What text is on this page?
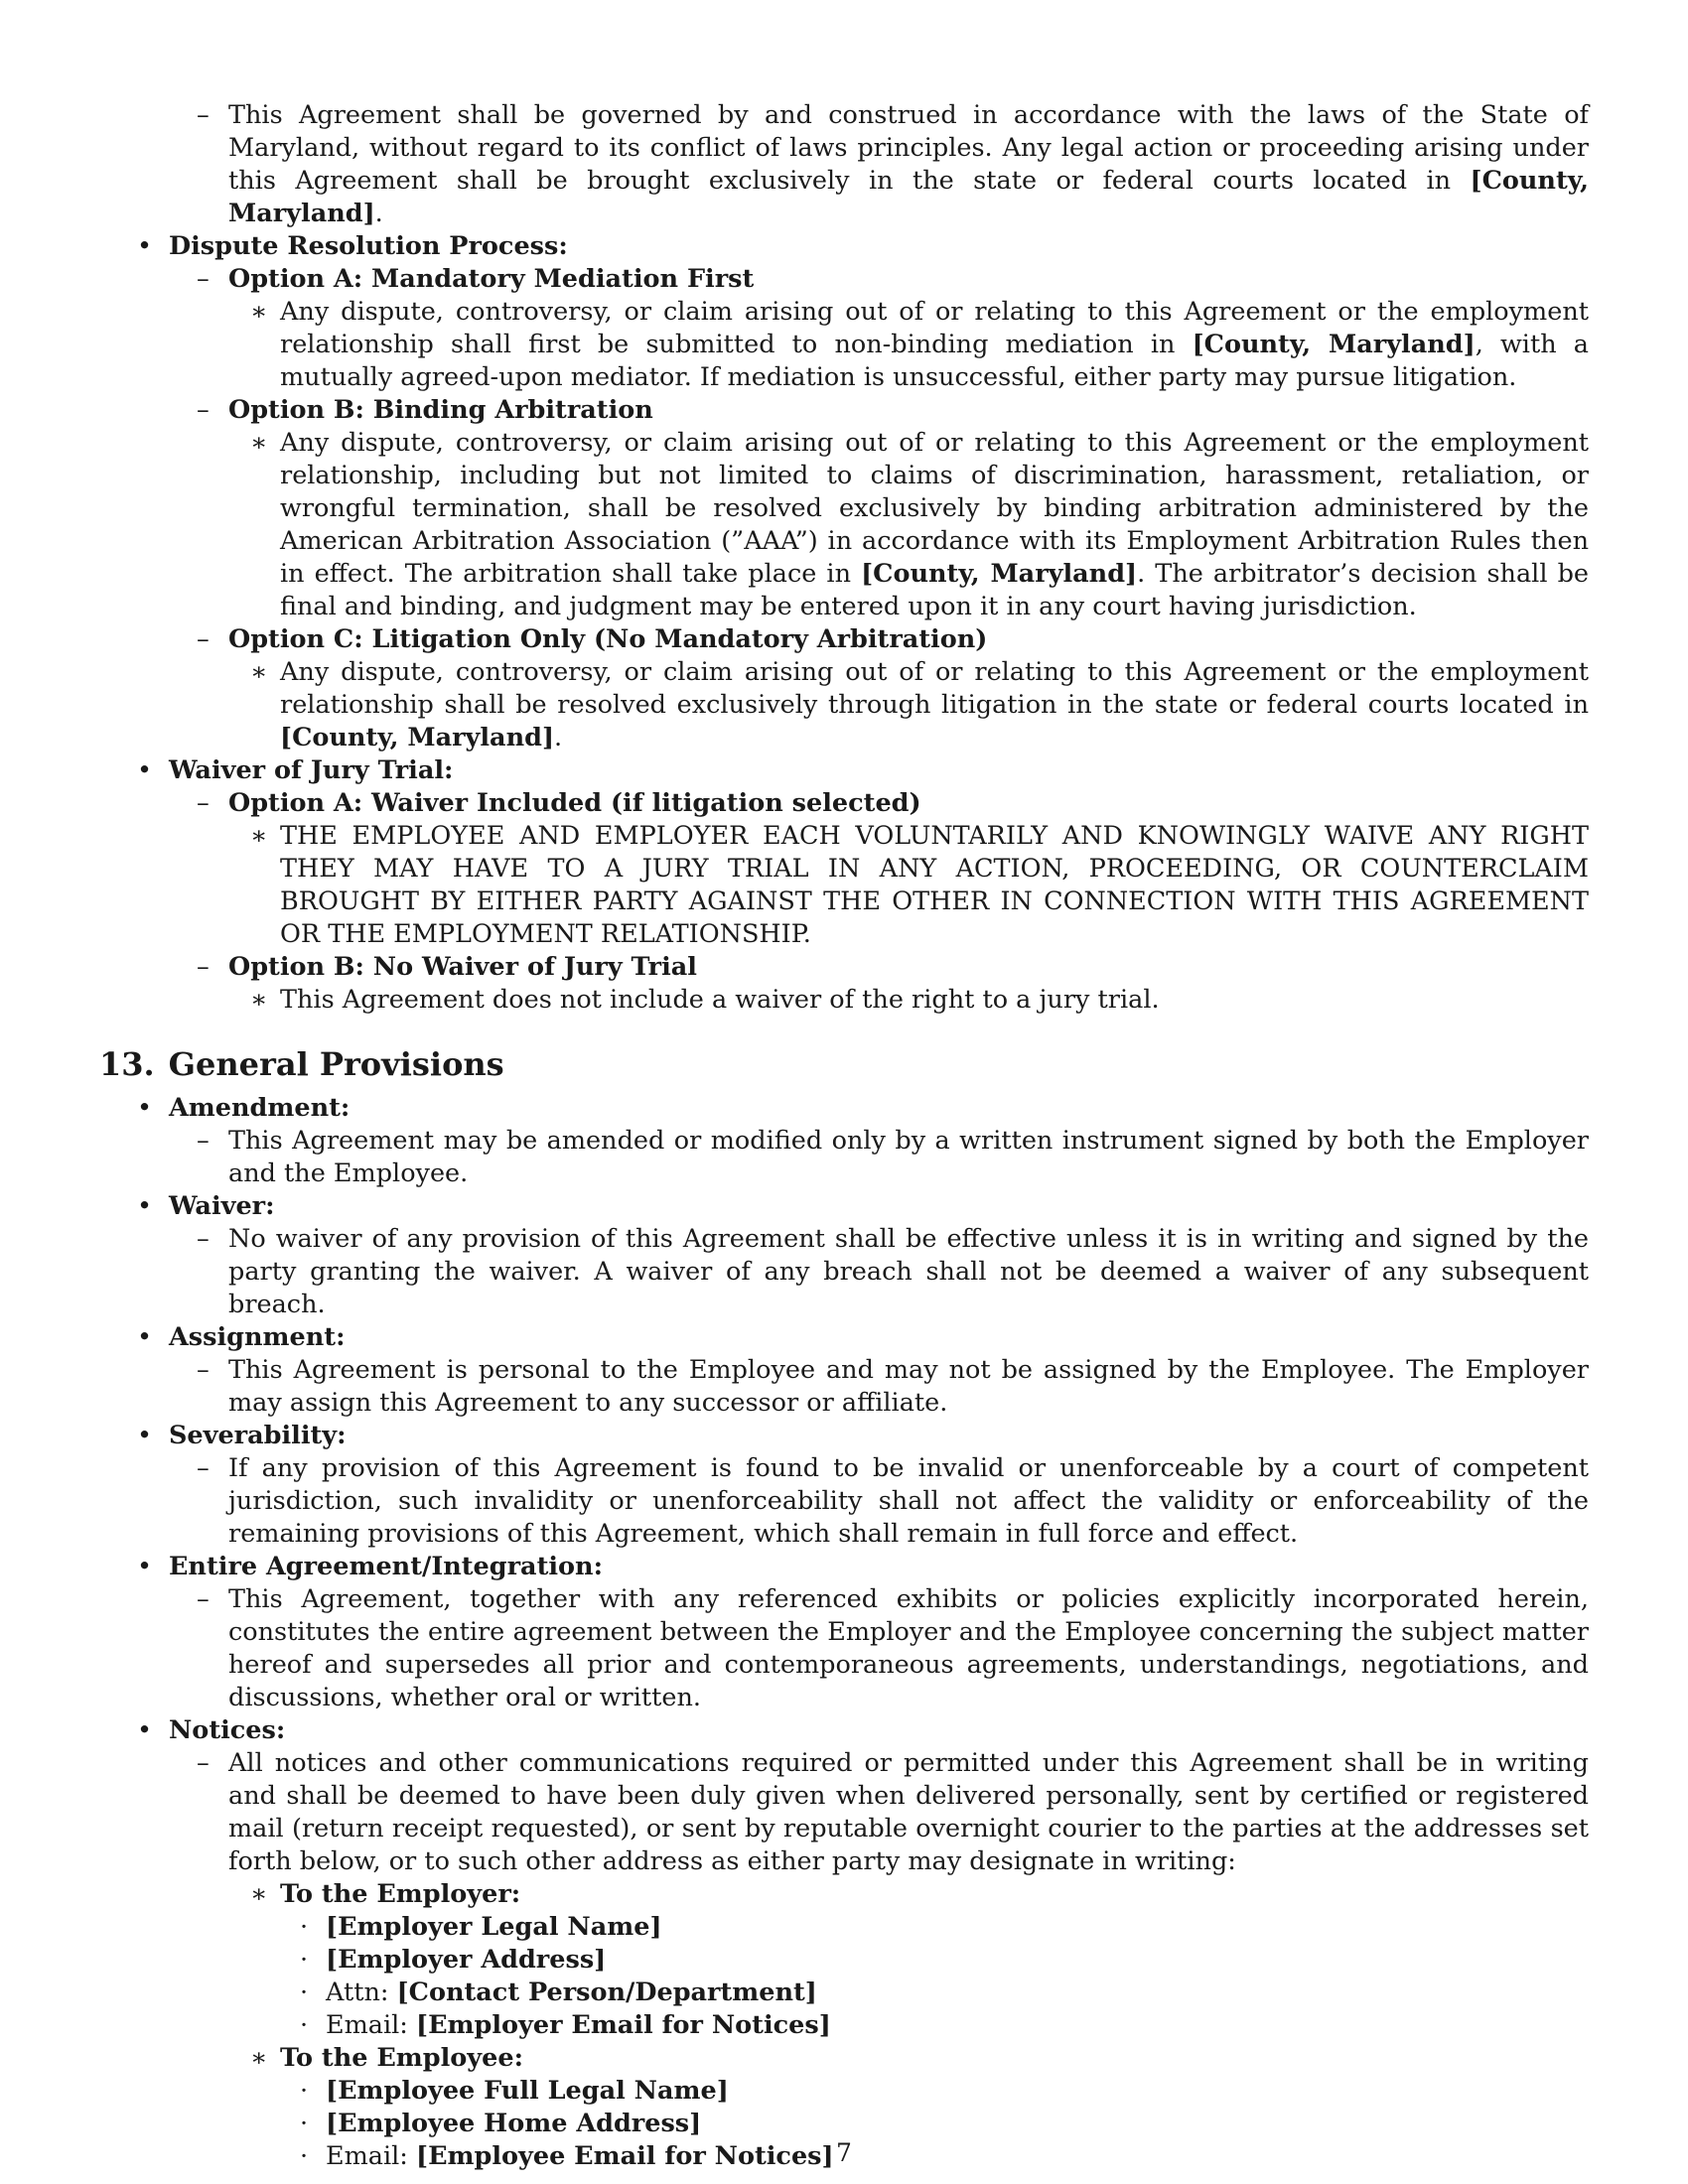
– This Agreement shall be governed by and construed in accordance with the laws of the State of Maryland, without regard to its conflict of laws principles. Any legal action or proceeding arising under this Agreement shall be brought exclusively in the state or federal courts located in [County, Maryland].
• Dispute Resolution Process:
– Option A: Mandatory Mediation First
∗ Any dispute, controversy, or claim arising out of or relating to this Agreement or the employment relationship shall first be submitted to non-binding mediation in [County, Maryland], with a mutually agreed-upon mediator. If mediation is unsuccessful, either party may pursue litigation.
– Option B: Binding Arbitration
∗ Any dispute, controversy, or claim arising out of or relating to this Agreement or the employment relationship, including but not limited to claims of discrimination, harassment, retaliation, or wrongful termination, shall be resolved exclusively by binding arbitration administered by the American Arbitration Association (”AAA”) in accordance with its Employment Arbitration Rules then in effect. The arbitration shall take place in [County, Maryland]. The arbitrator’s decision shall be final and binding, and judgment may be entered upon it in any court having jurisdiction.
– Option C: Litigation Only (No Mandatory Arbitration)
∗ Any dispute, controversy, or claim arising out of or relating to this Agreement or the employment relationship shall be resolved exclusively through litigation in the state or federal courts located in [County, Maryland].
• Waiver of Jury Trial:
– Option A: Waiver Included (if litigation selected)
∗ THE EMPLOYEE AND EMPLOYER EACH VOLUNTARILY AND KNOWINGLY WAIVE ANY RIGHT THEY MAY HAVE TO A JURY TRIAL IN ANY ACTION, PROCEEDING, OR COUNTERCLAIM BROUGHT BY EITHER PARTY AGAINST THE OTHER IN CONNECTION WITH THIS AGREEMENT OR THE EMPLOYMENT RELATIONSHIP.
– Option B: No Waiver of Jury Trial
∗ This Agreement does not include a waiver of the right to a jury trial.
13. General Provisions
• Amendment:
– This Agreement may be amended or modified only by a written instrument signed by both the Employer and the Employee.
• Waiver:
– No waiver of any provision of this Agreement shall be effective unless it is in writing and signed by the party granting the waiver. A waiver of any breach shall not be deemed a waiver of any subsequent breach.
• Assignment:
– This Agreement is personal to the Employee and may not be assigned by the Employee. The Employer may assign this Agreement to any successor or affiliate.
• Severability:
– If any provision of this Agreement is found to be invalid or unenforceable by a court of competent jurisdiction, such invalidity or unenforceability shall not affect the validity or enforceability of the remaining provisions of this Agreement, which shall remain in full force and effect.
• Entire Agreement/Integration:
– This Agreement, together with any referenced exhibits or policies explicitly incorporated herein, constitutes the entire agreement between the Employer and the Employee concerning the subject matter hereof and supersedes all prior and contemporaneous agreements, understandings, negotiations, and discussions, whether oral or written.
• Notices:
– All notices and other communications required or permitted under this Agreement shall be in writing and shall be deemed to have been duly given when delivered personally, sent by certified or registered mail (return receipt requested), or sent by reputable overnight courier to the parties at the addresses set forth below, or to such other address as either party may designate in writing:
∗ To the Employer:
· [Employer Legal Name]
· [Employer Address]
· Attn: [Contact Person/Department]
· Email: [Employer Email for Notices]
∗ To the Employee:
· [Employee Full Legal Name]
· [Employee Home Address]
· Email: [Employee Email for Notices] 7
